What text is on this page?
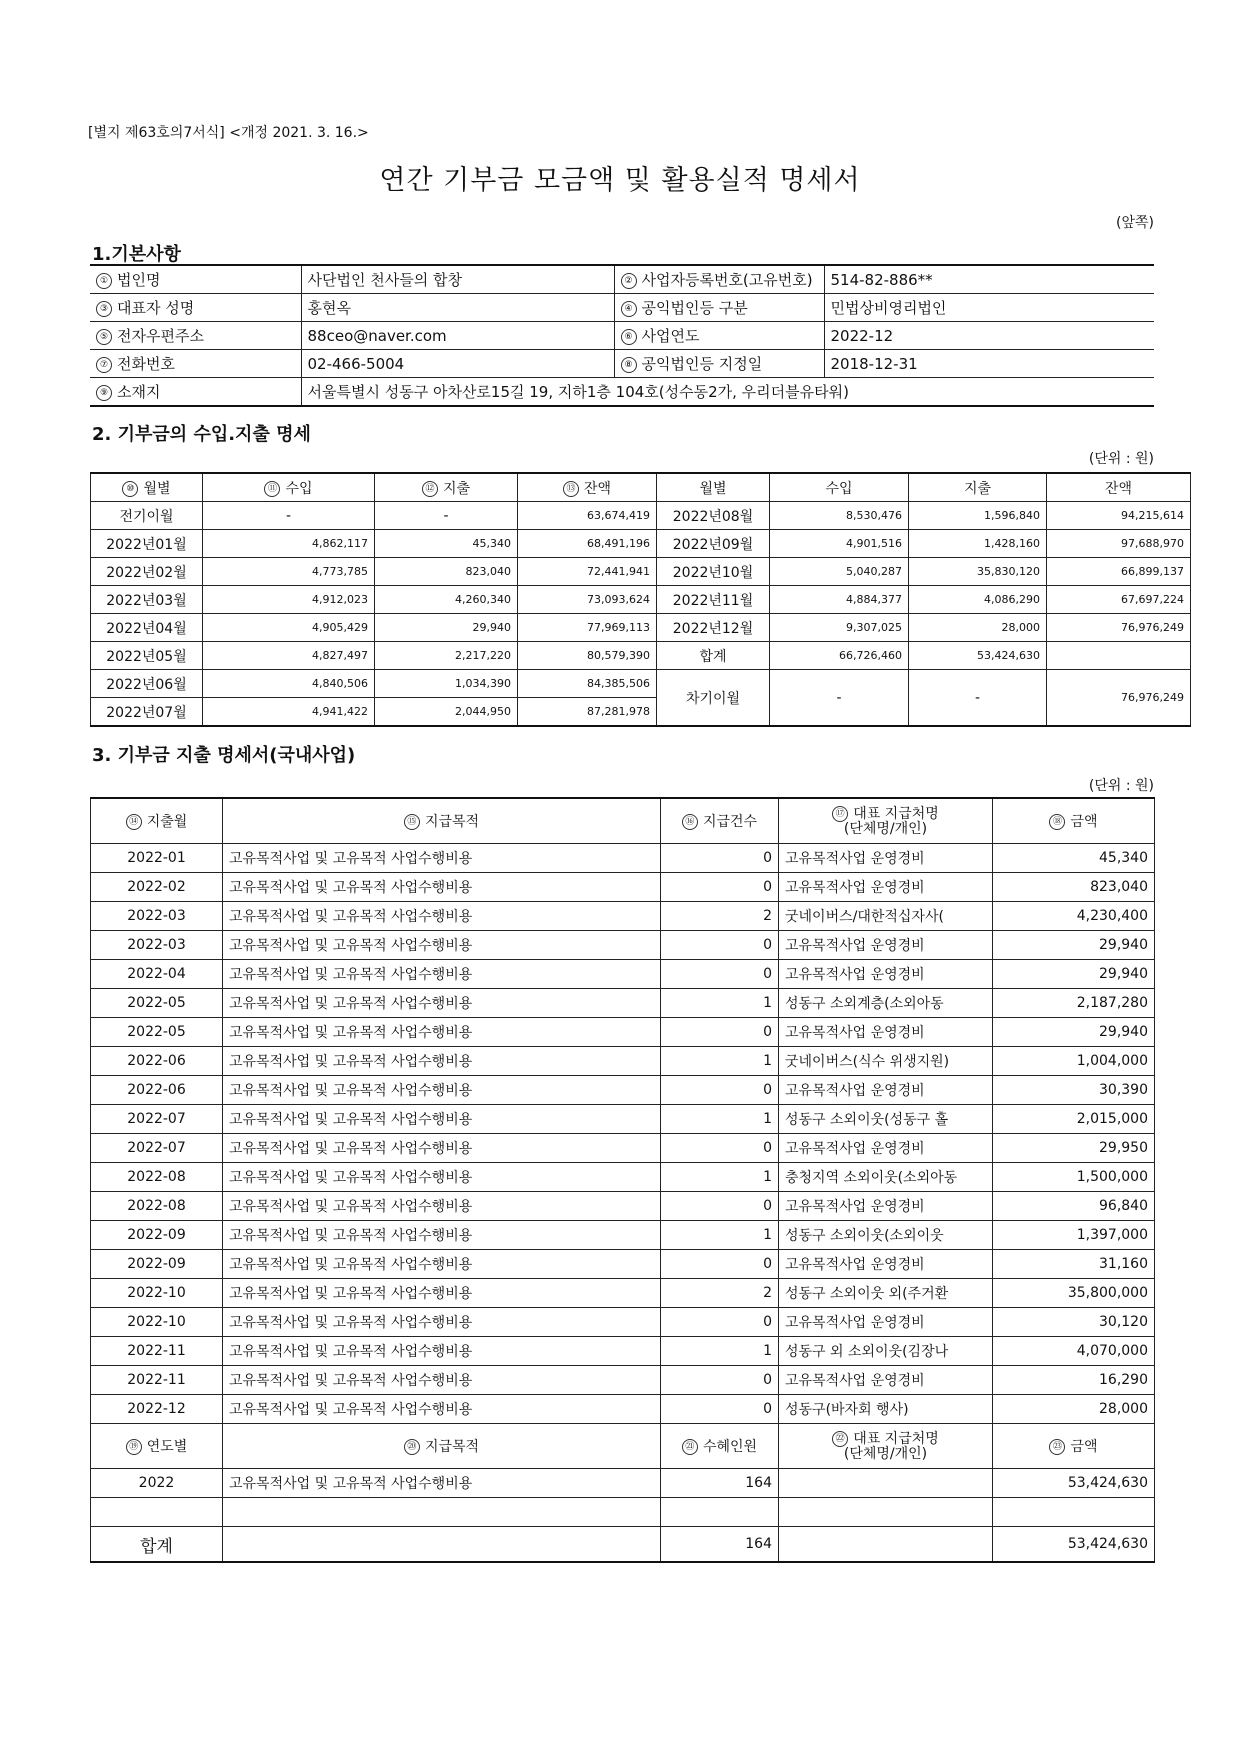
[별지 제63호의7서식] <개정 2021. 3. 16.>
연간 기부금 모금액 및 활용실적 명세서
(앞쪽)
1.기본사항
① 법인명	사단법인 천사들의 합창	② 사업자등록번호(고유번호)	514-82-886**
③ 대표자 성명	홍현옥	④ 공익법인등 구분	민법상비영리법인
⑤ 전자우편주소	88ceo@naver.com	⑥ 사업연도	2022-12
⑦ 전화번호	02-466-5004	⑧ 공익법인등 지정일	2018-12-31
⑨ 소재지	서울특별시 성동구 아차산로15길 19, 지하1층 104호(성수동2가, 우리더블유타워)		
2. 기부금의 수입.지출 명세
(단위 : 원)
⑩ 월별	⑪ 수입	⑫ 지출	⑬ 잔액	월별	수입	지출	잔액
전기이월	-	-	63,674,419	2022년08월	8,530,476	1,596,840	94,215,614
2022년01월	4,862,117	45,340	68,491,196	2022년09월	4,901,516	1,428,160	97,688,970
2022년02월	4,773,785	823,040	72,441,941	2022년10월	5,040,287	35,830,120	66,899,137
2022년03월	4,912,023	4,260,340	73,093,624	2022년11월	4,884,377	4,086,290	67,697,224
2022년04월	4,905,429	29,940	77,969,113	2022년12월	9,307,025	28,000	76,976,249
2022년05월	4,827,497	2,217,220	80,579,390	합계	66,726,460	53,424,630	
2022년06월	4,840,506	1,034,390	84,385,506	차기이월	-	-	76,976,249
2022년07월	4,941,422	2,044,950	87,281,978				
3. 기부금 지출 명세서(국내사업)
(단위 : 원)
⑭ 지출월	⑮ 지급목적	⑯ 지급건수	⑰ 대표 지급처명
(단체명/개인)	⑱ 금액
2022-01	고유목적사업 및 고유목적 사업수행비용	0	고유목적사업 운영경비	45,340
2022-02	고유목적사업 및 고유목적 사업수행비용	0	고유목적사업 운영경비	823,040
2022-03	고유목적사업 및 고유목적 사업수행비용	2	굿네이버스/대한적십자사(	4,230,400
2022-03	고유목적사업 및 고유목적 사업수행비용	0	고유목적사업 운영경비	29,940
2022-04	고유목적사업 및 고유목적 사업수행비용	0	고유목적사업 운영경비	29,940
2022-05	고유목적사업 및 고유목적 사업수행비용	1	성동구 소외계층(소외아동	2,187,280
2022-05	고유목적사업 및 고유목적 사업수행비용	0	고유목적사업 운영경비	29,940
2022-06	고유목적사업 및 고유목적 사업수행비용	1	굿네이버스(식수 위생지원)	1,004,000
2022-06	고유목적사업 및 고유목적 사업수행비용	0	고유목적사업 운영경비	30,390
2022-07	고유목적사업 및 고유목적 사업수행비용	1	성동구 소외이웃(성동구 홀	2,015,000
2022-07	고유목적사업 및 고유목적 사업수행비용	0	고유목적사업 운영경비	29,950
2022-08	고유목적사업 및 고유목적 사업수행비용	1	충청지역 소외이웃(소외아동	1,500,000
2022-08	고유목적사업 및 고유목적 사업수행비용	0	고유목적사업 운영경비	96,840
2022-09	고유목적사업 및 고유목적 사업수행비용	1	성동구 소외이웃(소외이웃	1,397,000
2022-09	고유목적사업 및 고유목적 사업수행비용	0	고유목적사업 운영경비	31,160
2022-10	고유목적사업 및 고유목적 사업수행비용	2	성동구 소외이웃 외(주거환	35,800,000
2022-10	고유목적사업 및 고유목적 사업수행비용	0	고유목적사업 운영경비	30,120
2022-11	고유목적사업 및 고유목적 사업수행비용	1	성동구 외 소외이웃(김장나	4,070,000
2022-11	고유목적사업 및 고유목적 사업수행비용	0	고유목적사업 운영경비	16,290
2022-12	고유목적사업 및 고유목적 사업수행비용	0	성동구(바자회 행사)	28,000
⑲ 연도별	⑳ 지급목적	㉑ 수혜인원	㉒ 대표 지급처명
(단체명/개인)	㉓ 금액
2022	고유목적사업 및 고유목적 사업수행비용	164		53,424,630

합계		164		53,424,630
